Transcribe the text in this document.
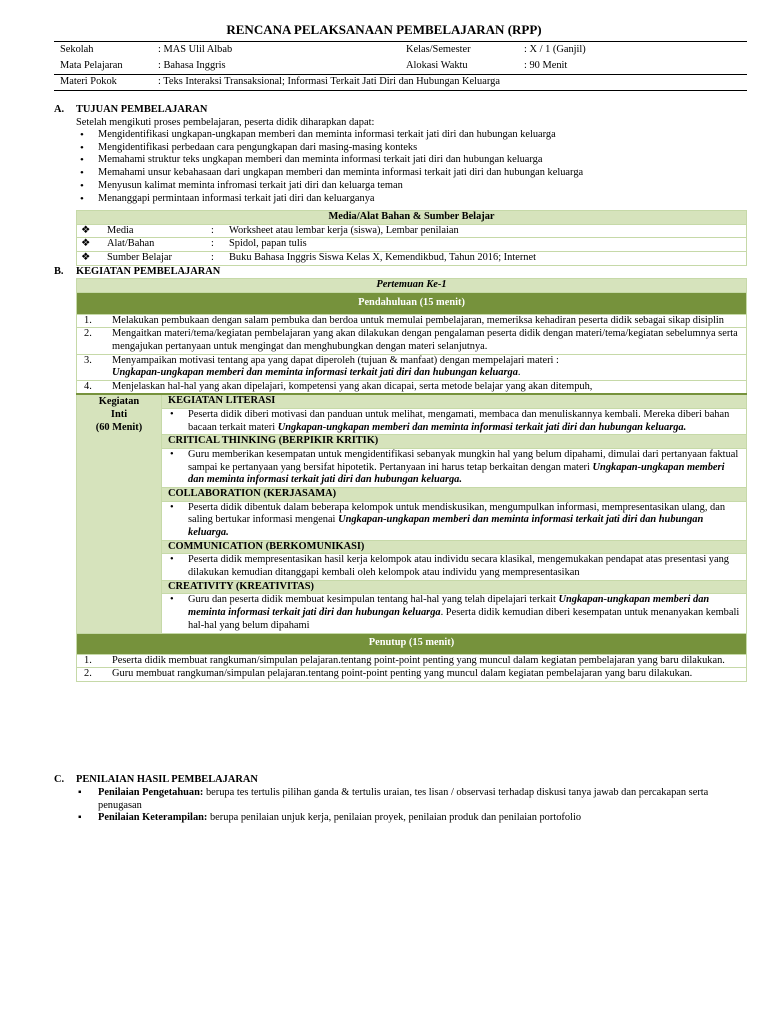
RENCANA PELAKSANAAN PEMBELAJARAN (RPP)
Sekolah	: MAS Ulil Albab	Kelas/Semester	: X / 1 (Ganjil)
Mata Pelajaran	: Bahasa Inggris	Alokasi Waktu	: 90 Menit
Materi Pokok	: Teks Interaksi Transaksional; Informasi Terkait Jati Diri dan Hubungan Keluarga
A. TUJUAN PEMBELAJARAN
Setelah mengikuti proses pembelajaran, peserta didik diharapkan dapat:
• Mengidentifikasi ungkapan-ungkapan memberi dan meminta informasi terkait jati diri dan hubungan keluarga
• Mengidentifikasi perbedaan cara pengungkapan dari masing-masing konteks
• Memahami struktur teks ungkapan memberi dan meminta informasi terkait jati diri dan hubungan keluarga
• Memahami unsur kebahasaan dari ungkapan memberi dan meminta informasi terkait jati diri dan hubungan keluarga
• Menyusun kalimat meminta infromasi terkait jati diri dan keluarga teman
• Menanggapi permintaan informasi terkait jati diri dan keluarganya
Media/Alat Bahan & Sumber Belajar			
❖	Media	:	Worksheet atau lembar kerja (siswa), Lembar penilaian
❖	Alat/Bahan	:	Spidol, papan tulis
❖	Sumber Belajar	:	Buku Bahasa Inggris Siswa Kelas X, Kemendikbud, Tahun 2016; Internet
B. KEGIATAN PEMBELAJARAN
Pertemuan Ke-1
Pendahuluan (15 menit)

1.	Melakukan pembukaan dengan salam pembuka dan berdoa untuk memulai pembelajaran, memeriksa kehadiran peserta didik sebagai sikap disiplin

2.	Mengaitkan materi/tema/kegiatan pembelajaran yang akan dilakukan dengan pengalaman peserta didik dengan materi/tema/kegiatan sebelumnya serta mengajukan pertanyaan untuk mengingat dan menghubungkan dengan materi selanjutnya.

3.	Menyampaikan motivasi tentang apa yang dapat diperoleh (tujuan & manfaat) dengan mempelajari materi :
Ungkapan-ungkapan memberi dan meminta informasi terkait jati diri dan hubungan keluarga.

4.	Menjelaskan hal-hal yang akan dipelajari, kompetensi yang akan dicapai, serta metode belajar yang akan ditempuh,

Kegiatan
Inti
(60 Menit)

KEGIATAN LITERASI
• Peserta didik diberi motivasi dan panduan untuk melihat, mengamati, membaca dan menuliskannya kembali. Mereka diberi bahan bacaan terkait materi Ungkapan-ungkapan memberi dan meminta informasi terkait jati diri dan hubungan keluarga.
CRITICAL THINKING (BERPIKIR KRITIK)
• Guru memberikan kesempatan untuk mengidentifikasi sebanyak mungkin hal yang belum dipahami, dimulai dari pertanyaan faktual sampai ke pertanyaan yang bersifat hipotetik. Pertanyaan ini harus tetap berkaitan dengan materi Ungkapan-ungkapan memberi dan meminta informasi terkait jati diri dan hubungan keluarga.
COLLABORATION (KERJASAMA)
• Peserta didik dibentuk dalam beberapa kelompok untuk mendiskusikan, mengumpulkan informasi, mempresentasikan ulang, dan saling bertukar informasi mengenai Ungkapan-ungkapan memberi dan meminta informasi terkait jati diri dan hubungan keluarga.
COMMUNICATION (BERKOMUNIKASI)
• Peserta didik mempresentasikan hasil kerja kelompok atau individu secara klasikal, mengemukakan pendapat atas presentasi yang dilakukan kemudian ditanggapi kembali oleh kelompok atau individu yang mempresentasikan
CREATIVITY (KREATIVITAS)
• Guru dan peserta didik membuat kesimpulan tentang hal-hal yang telah dipelajari terkait Ungkapan-ungkapan memberi dan meminta informasi terkait jati diri dan hubungan keluarga. Peserta didik kemudian diberi kesempatan untuk menanyakan kembali hal-hal yang belum dipahami

Penutup (15 menit)

1.	Peserta didik membuat rangkuman/simpulan pelajaran.tentang point-point penting yang muncul dalam kegiatan pembelajaran yang baru dilakukan.

2.	Guru membuat rangkuman/simpulan pelajaran.tentang point-point penting yang muncul dalam kegiatan pembelajaran yang baru dilakukan.
C. PENILAIAN HASIL PEMBELAJARAN
▪ Penilaian Pengetahuan: berupa tes tertulis pilihan ganda & tertulis uraian, tes lisan / observasi terhadap diskusi tanya jawab dan percakapan serta penugasan
▪ Penilaian Keterampilan: berupa penilaian unjuk kerja, penilaian proyek, penilaian produk dan penilaian portofolio
